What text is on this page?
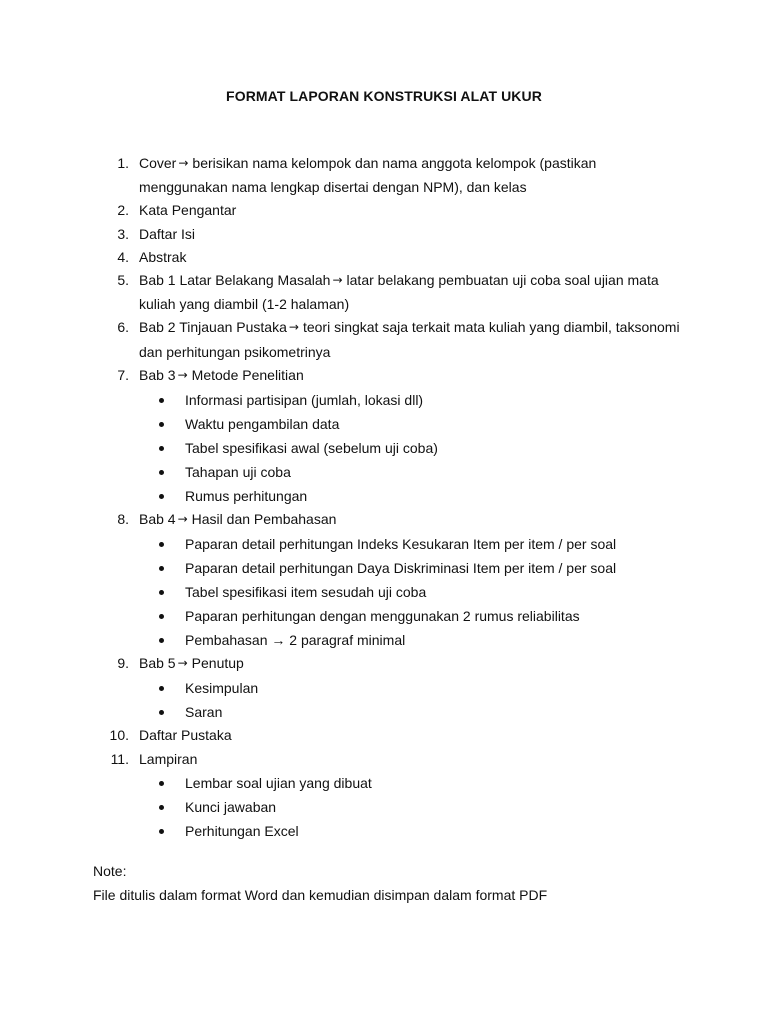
FORMAT LAPORAN KONSTRUKSI ALAT UKUR
1. Cover → berisikan nama kelompok dan nama anggota kelompok (pastikan menggunakan nama lengkap disertai dengan NPM), dan kelas
2. Kata Pengantar
3. Daftar Isi
4. Abstrak
5. Bab 1 Latar Belakang Masalah → latar belakang pembuatan uji coba soal ujian mata kuliah yang diambil (1-2 halaman)
6. Bab 2 Tinjauan Pustaka → teori singkat saja terkait mata kuliah yang diambil, taksonomi dan perhitungan psikometrinya
7. Bab 3 → Metode Penelitian
Informasi partisipan (jumlah, lokasi dll)
Waktu pengambilan data
Tabel spesifikasi awal (sebelum uji coba)
Tahapan uji coba
Rumus perhitungan
8. Bab 4 → Hasil dan Pembahasan
Paparan detail perhitungan Indeks Kesukaran Item per item / per soal
Paparan detail perhitungan Daya Diskriminasi Item per item / per soal
Tabel spesifikasi item sesudah uji coba
Paparan perhitungan dengan menggunakan 2 rumus reliabilitas
Pembahasan → 2 paragraf minimal
9. Bab 5 → Penutup
Kesimpulan
Saran
10. Daftar Pustaka
11. Lampiran
Lembar soal ujian yang dibuat
Kunci jawaban
Perhitungan Excel
Note:
File ditulis dalam format Word dan kemudian disimpan dalam format PDF
